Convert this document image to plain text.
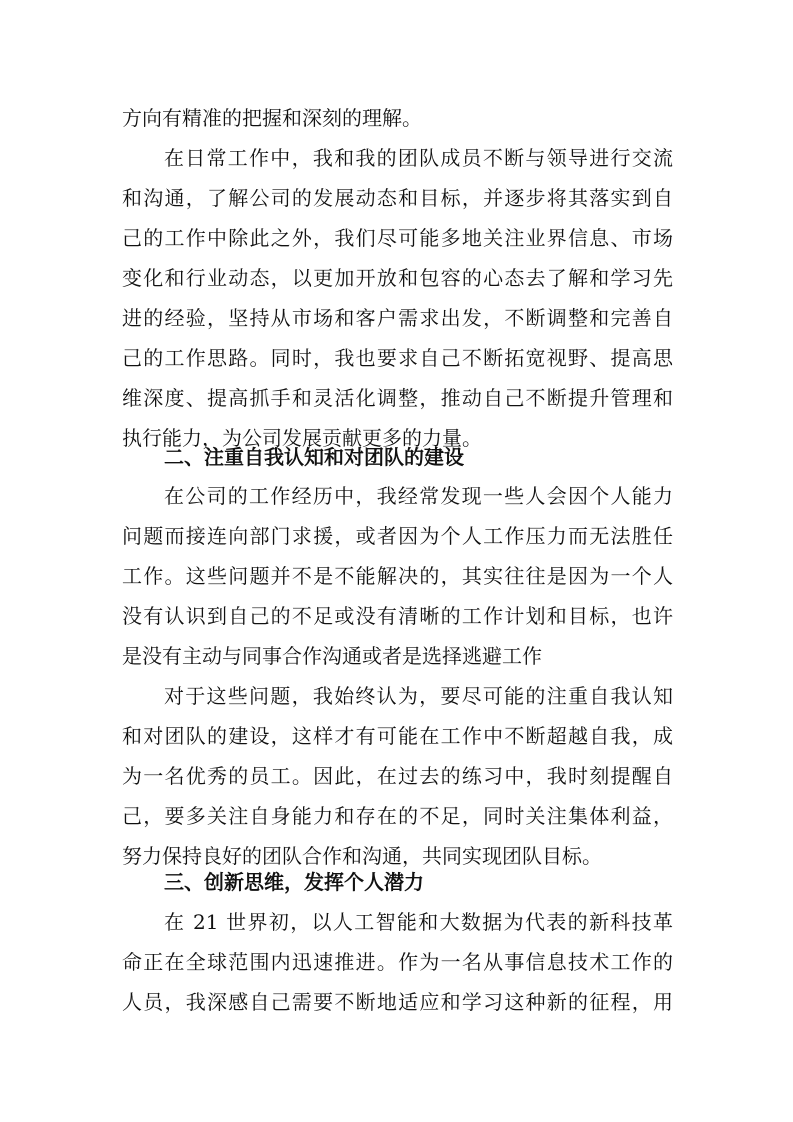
方向有精准的把握和深刻的理解。
在日常工作中，我和我的团队成员不断与领导进行交流
和沟通，了解公司的发展动态和目标，并逐步将其落实到自
己的工作中除此之外，我们尽可能多地关注业界信息、市场
变化和行业动态，以更加开放和包容的心态去了解和学习先
进的经验，坚持从市场和客户需求出发，不断调整和完善自
己的工作思路。同时，我也要求自己不断拓宽视野、提高思
维深度、提高抓手和灵活化调整，推动自己不断提升管理和
执行能力，为公司发展贡献更多的力量。
二、注重自我认知和对团队的建设
在公司的工作经历中，我经常发现一些人会因个人能力
问题而接连向部门求援，或者因为个人工作压力而无法胜任
工作。这些问题并不是不能解决的，其实往往是因为一个人
没有认识到自己的不足或没有清晰的工作计划和目标，也许
是没有主动与同事合作沟通或者是选择逃避工作
对于这些问题，我始终认为，要尽可能的注重自我认知
和对团队的建设，这样才有可能在工作中不断超越自我，成
为一名优秀的员工。因此，在过去的练习中，我时刻提醒自
己，要多关注自身能力和存在的不足，同时关注集体利益，
努力保持良好的团队合作和沟通，共同实现团队目标。
三、创新思维，发挥个人潜力
在 21 世界初，以人工智能和大数据为代表的新科技革
命正在全球范围内迅速推进。作为一名从事信息技术工作的
人员，我深感自己需要不断地适应和学习这种新的征程，用
